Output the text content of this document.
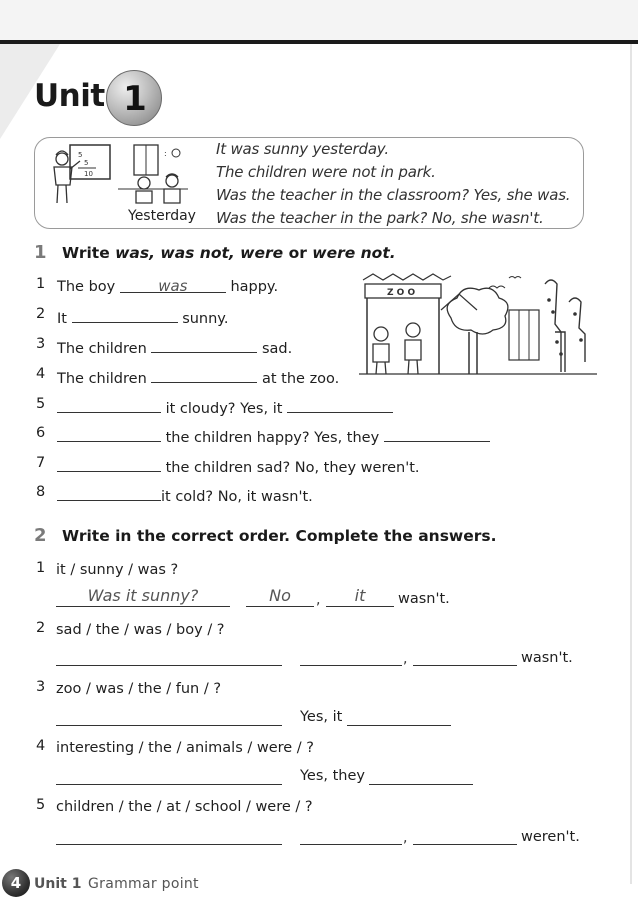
Unit 1
5
5
10
:
Yesterday
It was sunny yesterday.
The children were not in park.
Was the teacher in the classroom? Yes, she was.
Was the teacher in the park? No, she wasn't.
1 Write was, was not, were or were not.
1 The boy	was	happy.
2 It	sunny.
3 The children	sad.
4 The children	at the zoo.
5	it cloudy? Yes, it
6	the children happy? Yes, they
7	the children sad? No, they weren't.
8	it cold? No, it wasn't.
Z O O
2 Write in the correct order. Complete the answers.
1 it / sunny / was ?
Was it sunny?	No	,	it	wasn't.
2 sad / the / was / boy / ?
,	wasn't.
3 zoo / was / the / fun / ?
Yes, it
4 interesting / the / animals / were / ?
Yes, they
5 children / the / at / school / were / ?
,	weren't.
4 Unit 1 Grammar point
